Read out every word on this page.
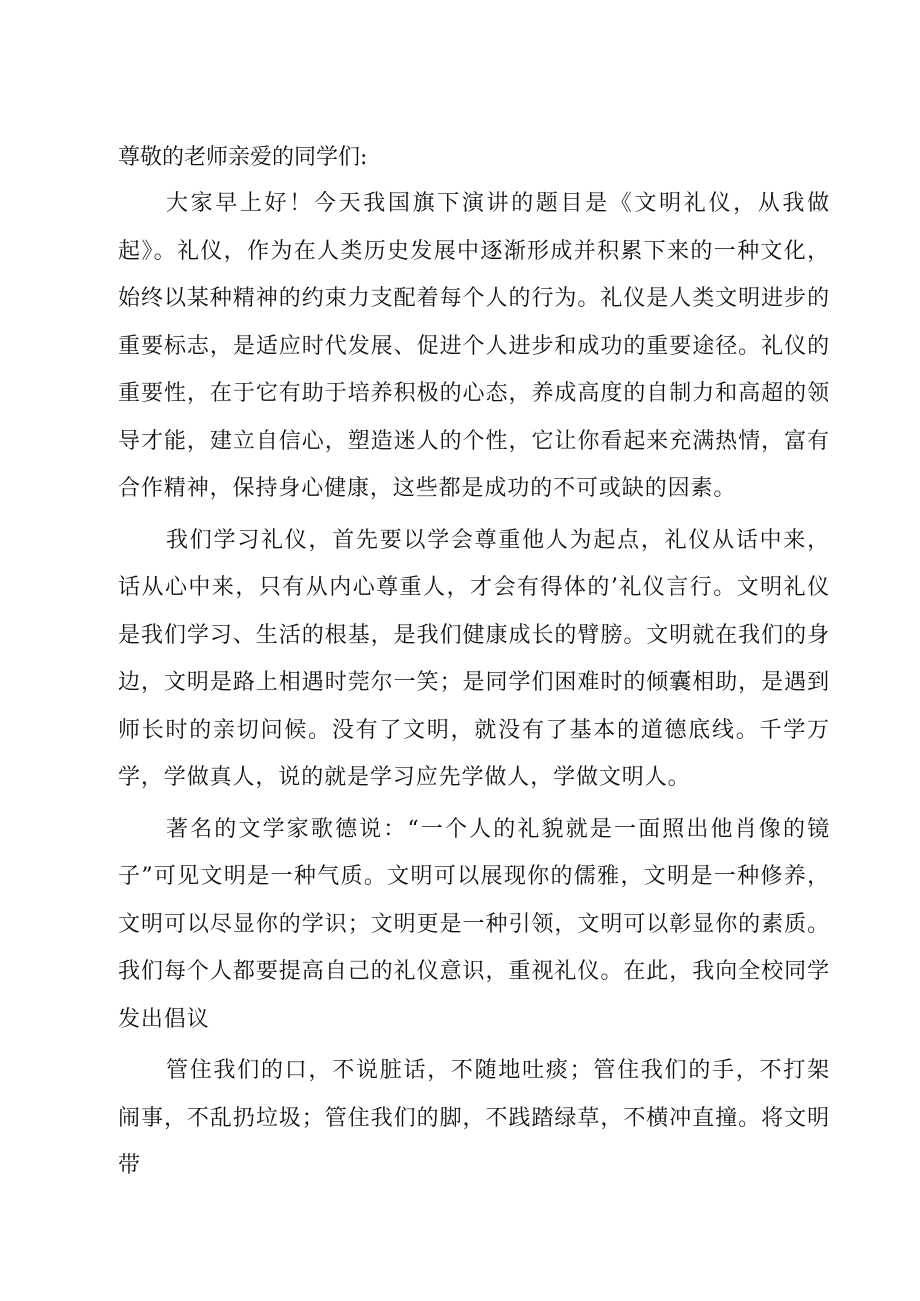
尊敬的老师亲爱的同学们:

大家早上好！今天我国旗下演讲的题目是《文明礼仪，从我做起》。礼仪，作为在人类历史发展中逐渐形成并积累下来的一种文化，始终以某种精神的约束力支配着每个人的行为。礼仪是人类文明进步的重要标志，是适应时代发展、促进个人进步和成功的重要途径。礼仪的重要性，在于它有助于培养积极的心态，养成高度的自制力和高超的领导才能，建立自信心，塑造迷人的个性，它让你看起来充满热情，富有合作精神，保持身心健康，这些都是成功的不可或缺的因素。

我们学习礼仪，首先要以学会尊重他人为起点，礼仪从话中来，话从心中来，只有从内心尊重人，才会有得体的’礼仪言行。文明礼仪是我们学习、生活的根基，是我们健康成长的臂膀。文明就在我们的身边，文明是路上相遇时莞尔一笑；是同学们困难时的倾囊相助，是遇到师长时的亲切问候。没有了文明，就没有了基本的道德底线。千学万学，学做真人，说的就是学习应先学做人，学做文明人。

著名的文学家歌德说：“一个人的礼貌就是一面照出他肖像的镜子”可见文明是一种气质。文明可以展现你的儒雅，文明是一种修养，文明可以尽显你的学识；文明更是一种引领，文明可以彰显你的素质。我们每个人都要提高自己的礼仪意识，重视礼仪。在此，我向全校同学发出倡议

管住我们的口，不说脏话，不随地吐痰；管住我们的手，不打架闹事，不乱扔垃圾；管住我们的脚，不践踏绿草，不横冲直撞。将文明带
